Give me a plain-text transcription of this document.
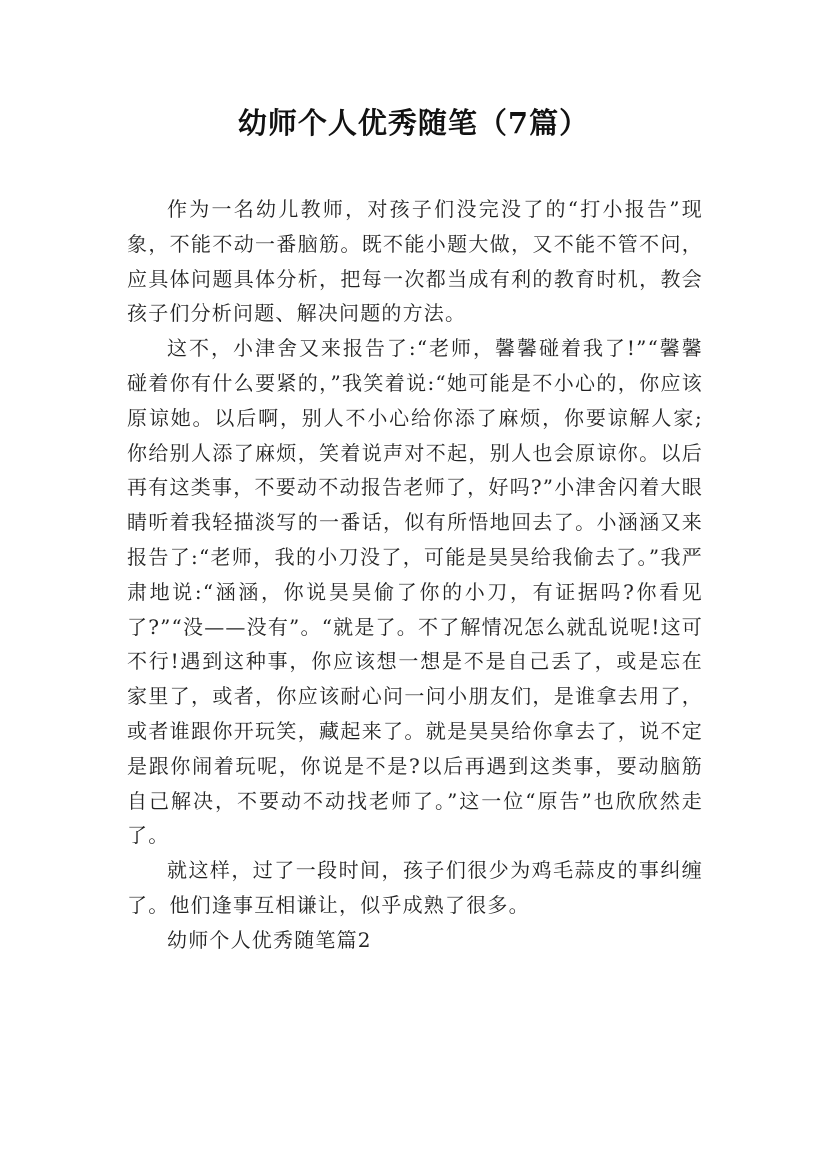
幼师个人优秀随笔（7篇）

作为一名幼儿教师，对孩子们没完没了的“打小报告”现象，不能不动一番脑筋。既不能小题大做，又不能不管不问，应具体问题具体分析，把每一次都当成有利的教育时机，教会孩子们分析问题、解决问题的方法。

这不，小津舍又来报告了:“老师，馨馨碰着我了!”“馨馨碰着你有什么要紧的，”我笑着说:“她可能是不小心的，你应该原谅她。以后啊，别人不小心给你添了麻烦，你要谅解人家;你给别人添了麻烦，笑着说声对不起，别人也会原谅你。以后再有这类事，不要动不动报告老师了，好吗?”小津舍闪着大眼睛听着我轻描淡写的一番话，似有所悟地回去了。小涵涵又来报告了:“老师，我的小刀没了，可能是昊昊给我偷去了。”我严肃地说:“涵涵，你说昊昊偷了你的小刀，有证据吗?你看见了?”“没——没有”。“就是了。不了解情况怎么就乱说呢!这可不行!遇到这种事，你应该想一想是不是自己丢了，或是忘在家里了，或者，你应该耐心问一问小朋友们，是谁拿去用了，或者谁跟你开玩笑，藏起来了。就是昊昊给你拿去了，说不定是跟你闹着玩呢，你说是不是?以后再遇到这类事，要动脑筋自己解决，不要动不动找老师了。”这一位“原告”也欣欣然走了。

就这样，过了一段时间，孩子们很少为鸡毛蒜皮的事纠缠了。他们逢事互相谦让，似乎成熟了很多。

幼师个人优秀随笔篇2
